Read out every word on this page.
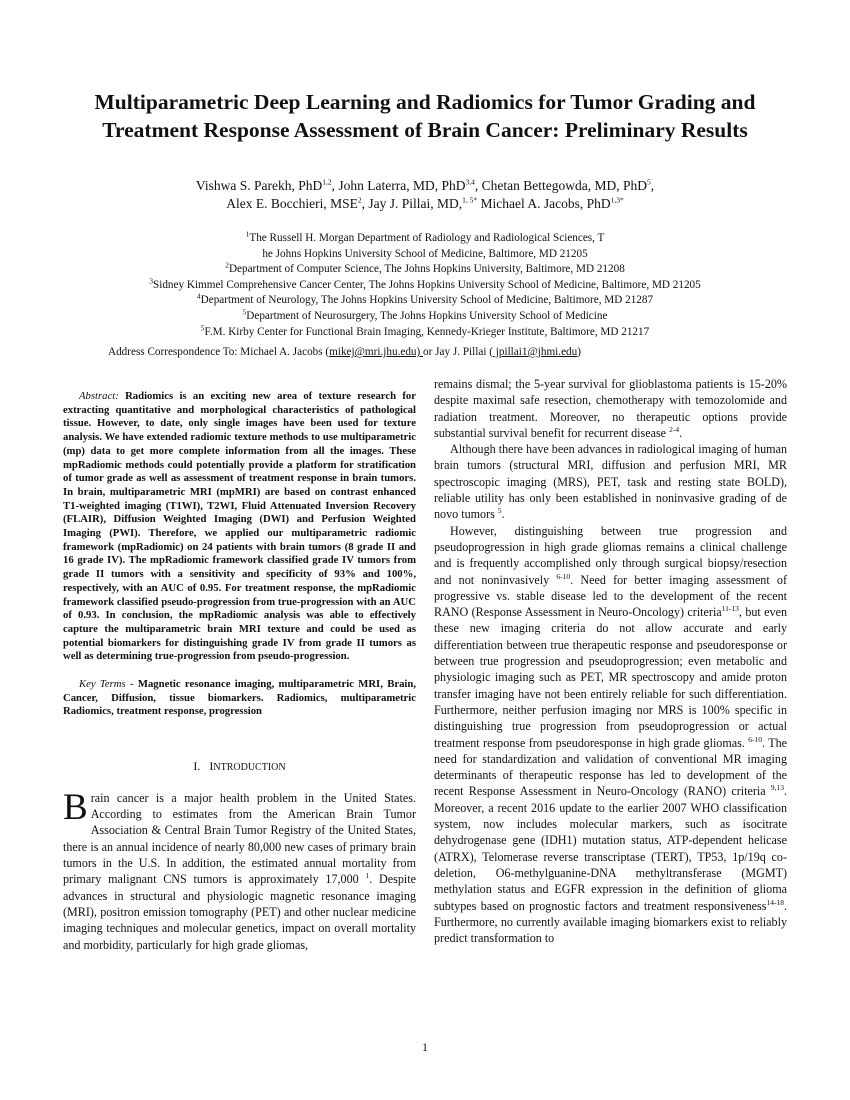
Multiparametric Deep Learning and Radiomics for Tumor Grading and Treatment Response Assessment of Brain Cancer: Preliminary Results
Vishwa S. Parekh, PhD$^{1,2}$, John Laterra, MD, PhD$^{3,4}$, Chetan Bettegowda, MD, PhD$^5$,
Alex E. Bocchieri, MSE$^2$, Jay J. Pillai, MD,$^{1, 5*}$ Michael A. Jacobs, PhD$^{1,3*}$
$^1$The Russell H. Morgan Department of Radiology and Radiological Sciences, T
he Johns Hopkins University School of Medicine, Baltimore, MD 21205
$^2$Department of Computer Science, The Johns Hopkins University, Baltimore, MD 21208
$^3$Sidney Kimmel Comprehensive Cancer Center, The Johns Hopkins University School of Medicine, Baltimore, MD 21205
$^4$Department of Neurology, The Johns Hopkins University School of Medicine, Baltimore, MD 21287
$^5$Department of Neurosurgery, The Johns Hopkins University School of Medicine
$^5$F.M. Kirby Center for Functional Brain Imaging, Kennedy-Krieger Institute, Baltimore, MD 21217
Address Correspondence To: Michael A. Jacobs (mikej@mri.jhu.edu) or Jay J. Pillai ( jpillai1@jhmi.edu)

Abstract: Radiomics is an exciting new area of texture research for extracting quantitative and morphological characteristics of pathological tissue. However, to date, only single images have been used for texture analysis. We have extended radiomic texture methods to use multiparametric (mp) data to get more complete information from all the images. These mpRadiomic methods could potentially provide a platform for stratification of tumor grade as well as assessment of treatment response in brain tumors. In brain, multiparametric MRI (mpMRI) are based on contrast enhanced T1-weighted imaging (T1WI), T2WI, Fluid Attenuated Inversion Recovery (FLAIR), Diffusion Weighted Imaging (DWI) and Perfusion Weighted Imaging (PWI). Therefore, we applied our multiparametric radiomic framework (mpRadiomic) on 24 patients with brain tumors (8 grade II and 16 grade IV). The mpRadiomic framework classified grade IV tumors from grade II tumors with a sensitivity and specificity of 93% and 100%, respectively, with an AUC of 0.95. For treatment response, the mpRadiomic framework classified pseudo-progression from true-progression with an AUC of 0.93. In conclusion, the mpRadiomic analysis was able to effectively capture the multiparametric brain MRI texture and could be used as potential biomarkers for distinguishing grade IV from grade II tumors as well as determining true-progression from pseudo-progression.

Key Terms - Magnetic resonance imaging, multiparametric MRI, Brain, Cancer, Diffusion, tissue biomarkers. Radiomics, multiparametric Radiomics, treatment response, progression

I. INTRODUCTION

Brain cancer is a major health problem in the United States. According to estimates from the American Brain Tumor Association & Central Brain Tumor Registry of the United States, there is an annual incidence of nearly 80,000 new cases of primary brain tumors in the U.S. In addition, the estimated annual mortality from primary malignant CNS tumors is approximately 17,000 $^1$. Despite advances in structural and physiologic magnetic resonance imaging (MRI), positron emission tomography (PET) and other nuclear medicine imaging techniques and molecular genetics, impact on overall mortality and morbidity, particularly for high grade gliomas,

remains dismal; the 5-year survival for glioblastoma patients is 15-20% despite maximal safe resection, chemotherapy with temozolomide and radiation treatment. Moreover, no therapeutic options provide substantial survival benefit for recurrent disease $^{2-4}$.

Although there have been advances in radiological imaging of human brain tumors (structural MRI, diffusion and perfusion MRI, MR spectroscopic imaging (MRS), PET, task and resting state BOLD), reliable utility has only been established in noninvasive grading of de novo tumors $^5$.

However, distinguishing between true progression and pseudoprogression in high grade gliomas remains a clinical challenge and is frequently accomplished only through surgical biopsy/resection and not noninvasively $^{6-10}$. Need for better imaging assessment of progressive vs. stable disease led to the development of the recent RANO (Response Assessment in Neuro-Oncology) criteria$^{11-13}$, but even these new imaging criteria do not allow accurate and early differentiation between true therapeutic response and pseudoresponse or between true progression and pseudoprogression; even metabolic and physiologic imaging such as PET, MR spectroscopy and amide proton transfer imaging have not been entirely reliable for such differentiation. Furthermore, neither perfusion imaging nor MRS is 100% specific in distinguishing true progression from pseudoprogression or actual treatment response from pseudoresponse in high grade gliomas. $^{6-10}$. The need for standardization and validation of conventional MR imaging determinants of therapeutic response has led to development of the recent Response Assessment in Neuro-Oncology (RANO) criteria $^{9,13}$. Moreover, a recent 2016 update to the earlier 2007 WHO classification system, now includes molecular markers, such as isocitrate dehydrogenase gene (IDH1) mutation status, ATP-dependent helicase (ATRX), Telomerase reverse transcriptase (TERT), TP53, 1p/19q co-deletion, O6-methylguanine-DNA methyltransferase (MGMT) methylation status and EGFR expression in the definition of glioma subtypes based on prognostic factors and treatment responsiveness$^{14-18}$. Furthermore, no currently available imaging biomarkers exist to reliably predict transformation to

1
